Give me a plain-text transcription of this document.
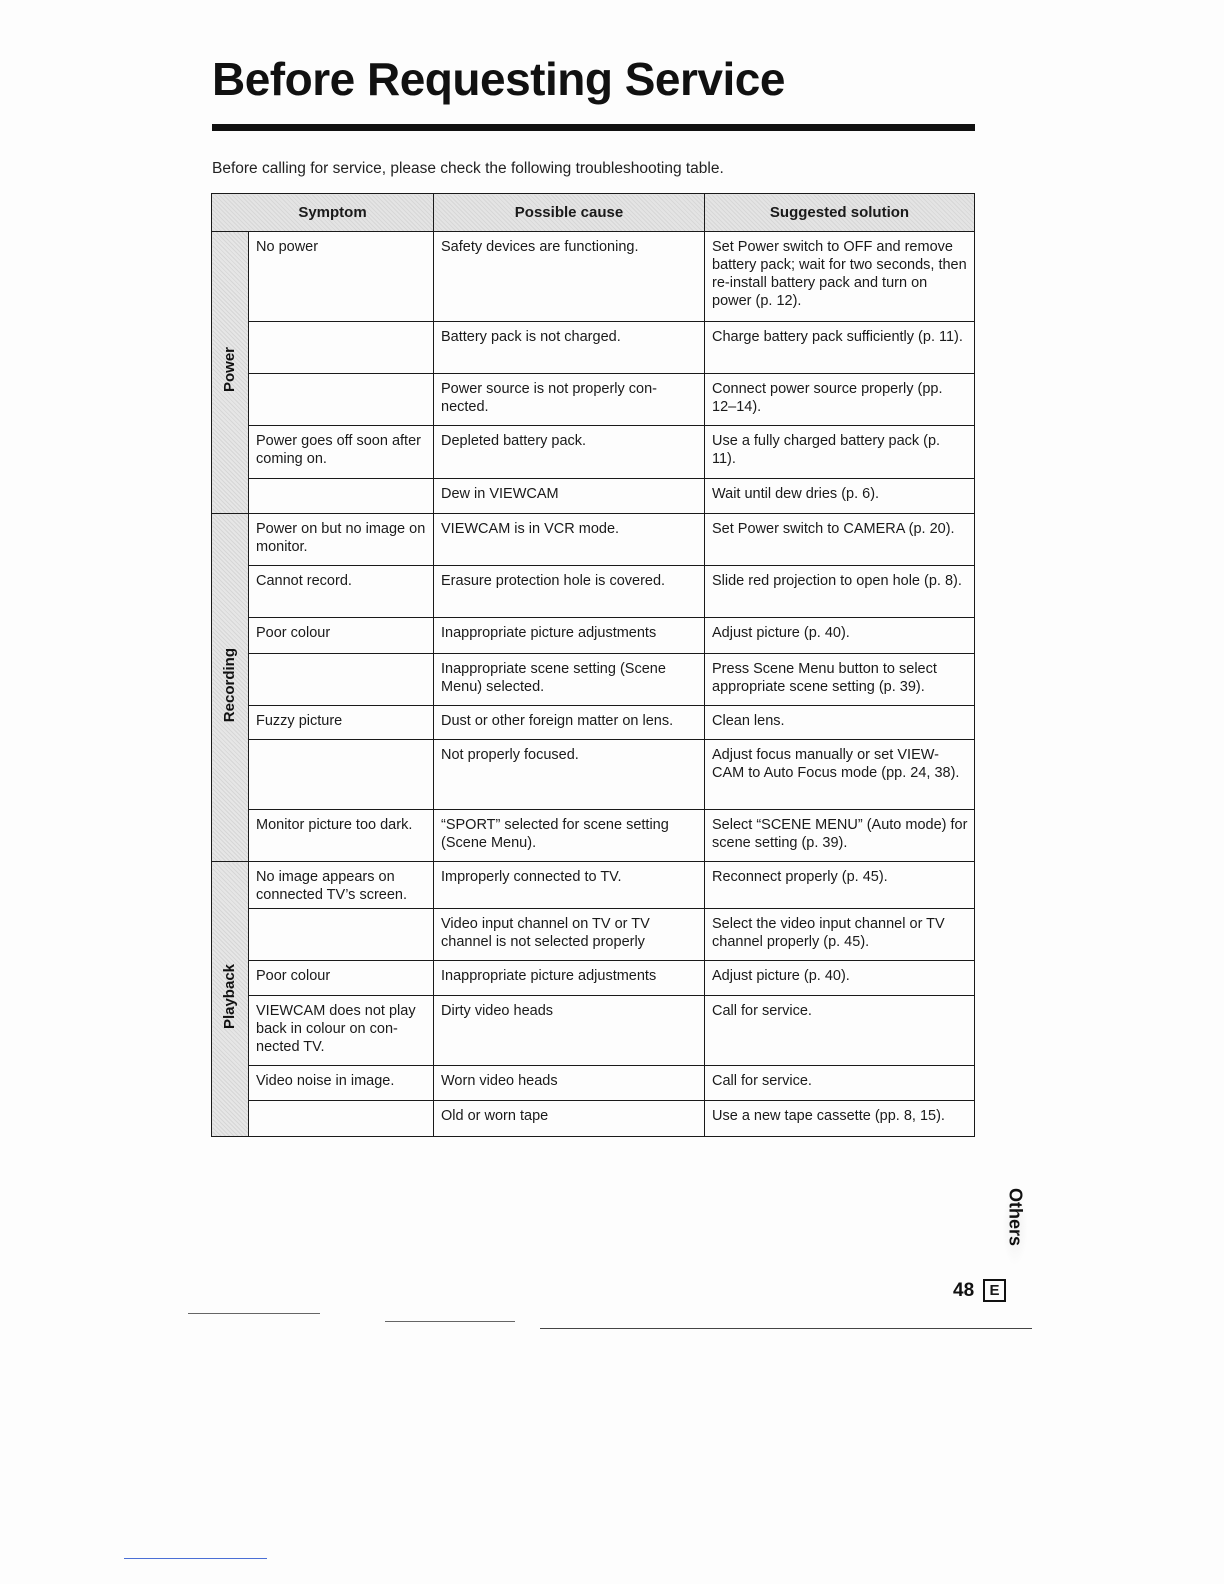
Before Requesting Service
Before calling for service, please check the following troubleshooting table.
Symptom		Possible cause	Suggested solution
Power	No power	Safety devices are functioning.	Set Power switch to OFF and remove battery pack; wait for two seconds, then re-install battery pack and turn on power (p. 12).

		Battery pack is not charged.	Charge battery pack sufficiently (p. 11).

		Power source is not properly con-nected.	Connect power source properly (pp. 12–14).

	Power goes off soon after coming on.	Depleted battery pack.	Use a fully charged battery pack (p. 11).

		Dew in VIEWCAM	Wait until dew dries (p. 6).

Recording	Power on but no image on monitor.	VIEWCAM is in VCR mode.	Set Power switch to CAMERA (p. 20).

	Cannot record.	Erasure protection hole is covered.	Slide red projection to open hole (p. 8).

	Poor colour	Inappropriate picture adjustments	Adjust picture (p. 40).

		Inappropriate scene setting (Scene Menu) selected.	Press Scene Menu button to select appropriate scene setting (p. 39).

	Fuzzy picture	Dust or other foreign matter on lens.	Clean lens.

		Not properly focused.	Adjust focus manually or set VIEW-CAM to Auto Focus mode (pp. 24, 38).

	Monitor picture too dark.	“SPORT” selected for scene setting (Scene Menu).	Select “SCENE MENU” (Auto mode) for scene setting (p. 39).

Playback	No image appears on connected TV’s screen.	Improperly connected to TV.	Reconnect properly (p. 45).

		Video input channel on TV or TV channel is not selected properly	Select the video input channel or TV channel properly (p. 45).

	Poor colour	Inappropriate picture adjustments	Adjust picture (p. 40).

	VIEWCAM does not play back in colour on con-nected TV.	Dirty video heads	Call for service.

	Video noise in image.	Worn video heads	Call for service.

		Old or worn tape	Use a new tape cassette (pp. 8, 15).
Others
48	E
